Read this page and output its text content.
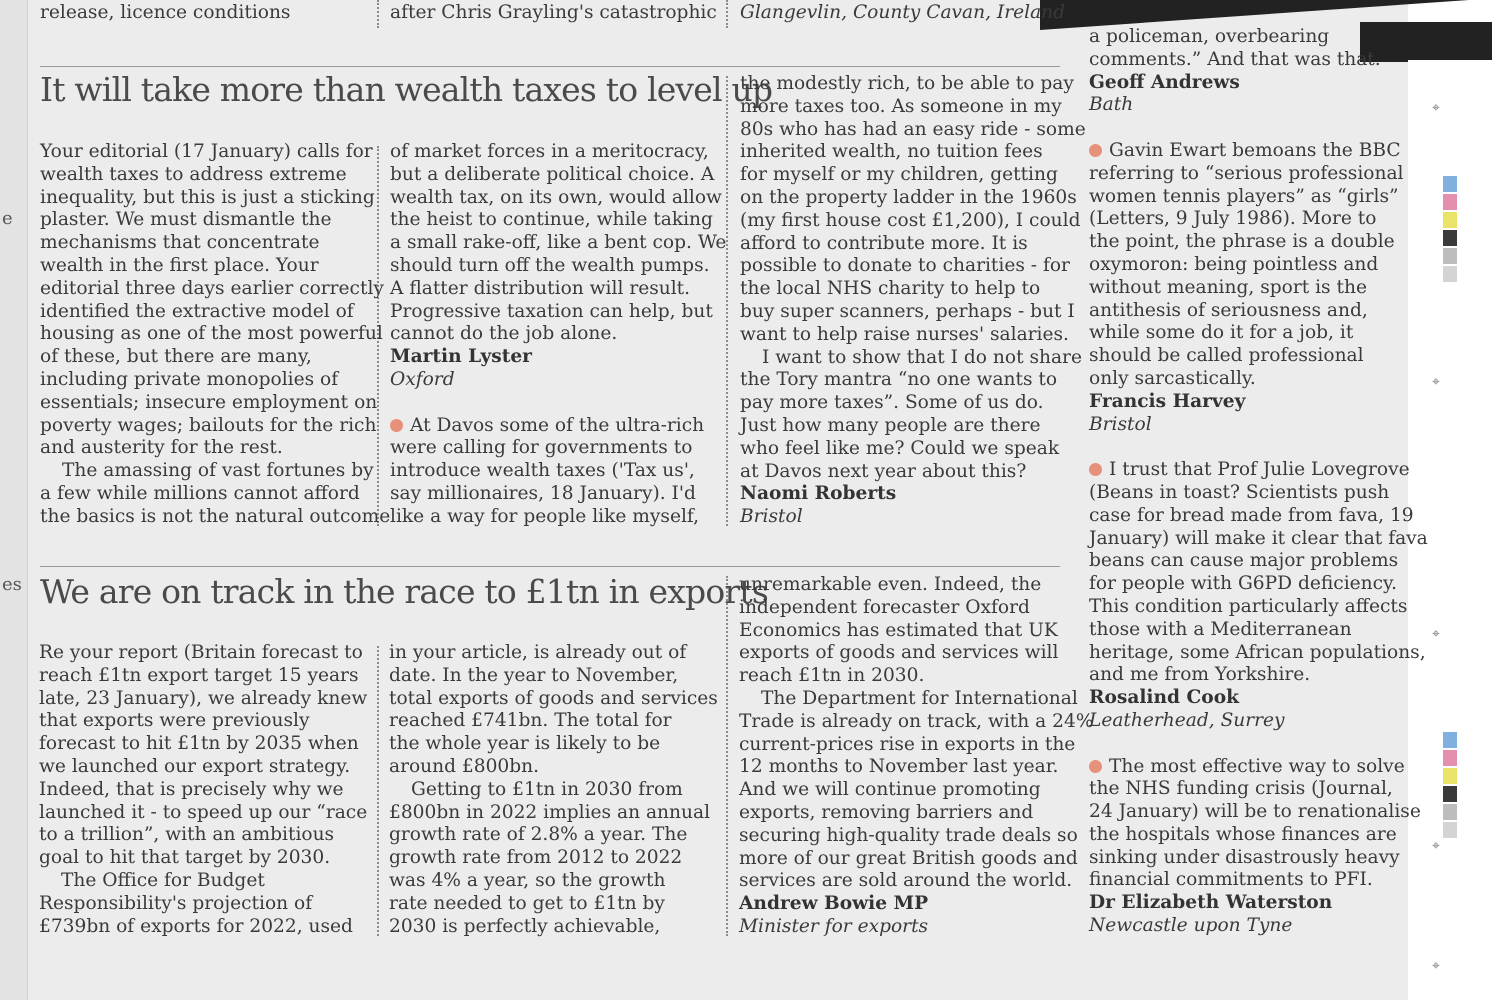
e
es
release, licence conditions	after Chris Grayling's catastrophic Glangevlin, County Cavan, Ireland
It will take more than wealth taxes to level up

Your editorial (17 January) calls for

wealth taxes to address extreme

inequality, but this is just a sticking

plaster. We must dismantle the

mechanisms that concentrate

wealth in the first place. Your

editorial three days earlier correctly

identified the extractive model of

housing as one of the most powerful

of these, but there are many,

including private monopolies of

essentials; insecure employment on

poverty wages; bailouts for the rich

and austerity for the rest.

The amassing of vast fortunes by

a few while millions cannot afford

the basics is not the natural outcome

of market forces in a meritocracy,

but a deliberate political choice. A

wealth tax, on its own, would allow

the heist to continue, while taking

a small rake-off, like a bent cop. We

should turn off the wealth pumps.

A flatter distribution will result.

Progressive taxation can help, but

cannot do the job alone.

Martin Lyster

Oxford

At Davos some of the ultra-rich

were calling for governments to

introduce wealth taxes ('Tax us',

say millionaires, 18 January). I'd

like a way for people like myself,

the modestly rich, to be able to pay

more taxes too. As someone in my

80s who has had an easy ride - some

inherited wealth, no tuition fees

for myself or my children, getting

on the property ladder in the 1960s

(my first house cost £1,200), I could

afford to contribute more. It is

possible to donate to charities - for

the local NHS charity to help to

buy super scanners, perhaps - but I

want to help raise nurses' salaries.

I want to show that I do not share

the Tory mantra “no one wants to

pay more taxes”. Some of us do.

Just how many people are there

who feel like me? Could we speak

at Davos next year about this?

Naomi Roberts

Bristol

We are on track in the race to £1tn in exports

Re your report (Britain forecast to

reach £1tn export target 15 years

late, 23 January), we already knew

that exports were previously

forecast to hit £1tn by 2035 when

we launched our export strategy.

Indeed, that is precisely why we

launched it - to speed up our “race

to a trillion”, with an ambitious

goal to hit that target by 2030.

The Office for Budget

Responsibility's projection of

£739bn of exports for 2022, used

in your article, is already out of

date. In the year to November,

total exports of goods and services

reached £741bn. The total for

the whole year is likely to be

around £800bn.

Getting to £1tn in 2030 from

£800bn in 2022 implies an annual

growth rate of 2.8% a year. The

growth rate from 2012 to 2022

was 4% a year, so the growth

rate needed to get to £1tn by

2030 is perfectly achievable,

unremarkable even. Indeed, the

independent forecaster Oxford

Economics has estimated that UK

exports of goods and services will

reach £1tn in 2030.

The Department for International

Trade is already on track, with a 24%

current-prices rise in exports in the

12 months to November last year.

And we will continue promoting

exports, removing barriers and

securing high-quality trade deals so

more of our great British goods and

services are sold around the world.

Andrew Bowie MP

Minister for exports

a policeman, overbearing

comments.” And that was that.

Geoff Andrews

Bath

Gavin Ewart bemoans the BBC

referring to “serious professional

women tennis players” as “girls”

(Letters, 9 July 1986). More to

the point, the phrase is a double

oxymoron: being pointless and

without meaning, sport is the

antithesis of seriousness and,

while some do it for a job, it

should be called professional

only sarcastically.

Francis Harvey

Bristol

I trust that Prof Julie Lovegrove

(Beans in toast? Scientists push

case for bread made from fava, 19

January) will make it clear that fava

beans can cause major problems

for people with G6PD deficiency.

This condition particularly affects

those with a Mediterranean

heritage, some African populations,

and me from Yorkshire.

Rosalind Cook

Leatherhead, Surrey

The most effective way to solve

the NHS funding crisis (Journal,

24 January) will be to renationalise

the hospitals whose finances are

sinking under disastrously heavy

financial commitments to PFI.

Dr Elizabeth Waterston

Newcastle upon Tyne

⌖
⌖
⌖
⌖
⌖
